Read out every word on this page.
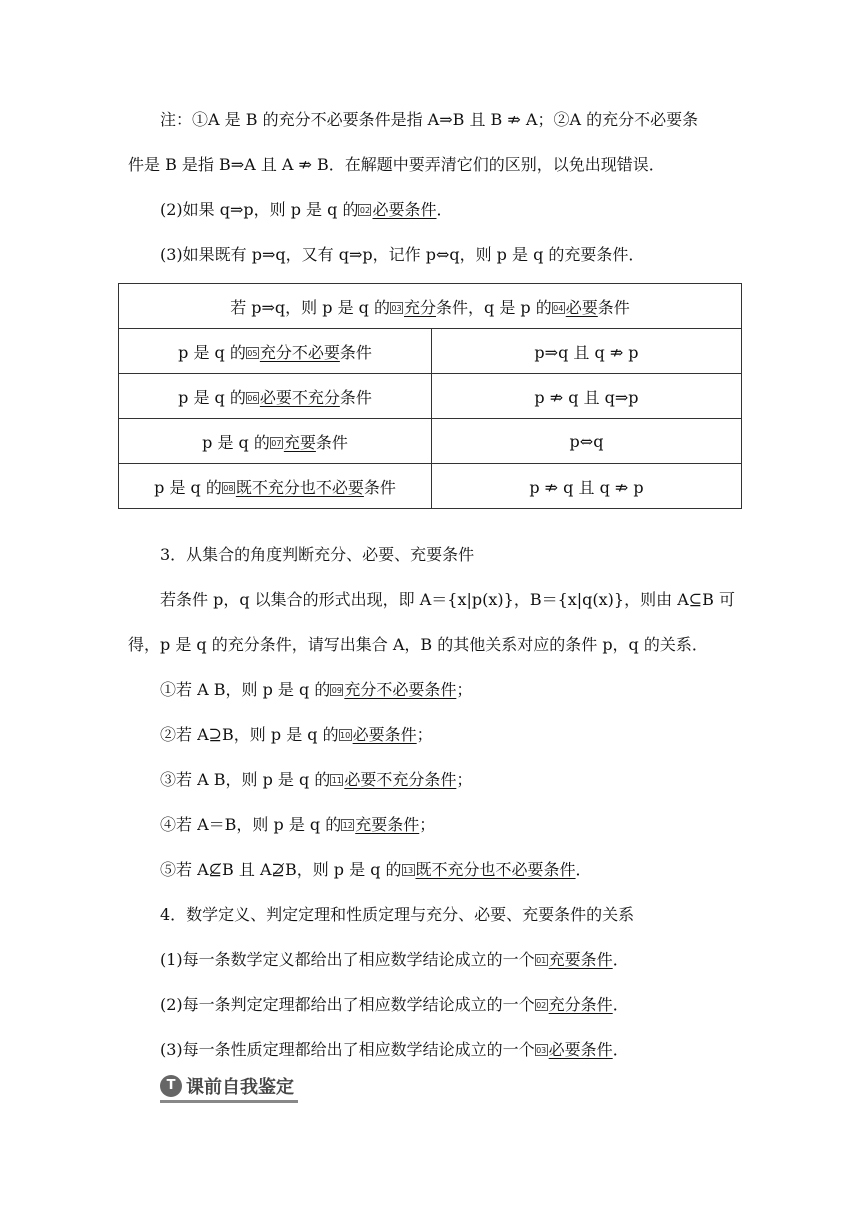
注：①A 是 B 的充分不必要条件是指 A⇒B 且 B ⇏ A；②A 的充分不必要条
件是 B 是指 B⇒A 且 A ⇏ B．在解题中要弄清它们的区别，以免出现错误．
(2)如果 q⇒p，则 p 是 q 的02 必要条件．
(3)如果既有 p⇒q，又有 q⇒p，记作 p⇔q，则 p 是 q 的充要条件．
若 p⇒q，则 p 是 q 的03 充分条件，q 是 p 的04 必要条件	
p 是 q 的05 充分不必要条件	p⇒q 且 q ⇏ p
p 是 q 的06 必要不充分条件	p ⇏ q 且 q⇒p
p 是 q 的07 充要条件	p⇔q
p 是 q 的08 既不充分也不必要条件	p ⇏ q 且 q ⇏ p
3．从集合的角度判断充分、必要、充要条件
若条件 p，q 以集合的形式出现，即 A＝{x|p(x)}，B＝{x|q(x)}，则由 A⊆B 可
得，p 是 q 的充分条件，请写出集合 A，B 的其他关系对应的条件 p，q 的关系．
①若 A B，则 p 是 q 的09 充分不必要条件；
②若 A⊇B，则 p 是 q 的10 必要条件；
③若 A B，则 p 是 q 的11 必要不充分条件；
④若 A＝B，则 p 是 q 的12 充要条件；
⑤若 A⊈B 且 A⊉B，则 p 是 q 的13 既不充分也不必要条件．
4．数学定义、判定定理和性质定理与充分、必要、充要条件的关系
(1)每一条数学定义都给出了相应数学结论成立的一个01 充要条件．
(2)每一条判定定理都给出了相应数学结论成立的一个02 充分条件．
(3)每一条性质定理都给出了相应数学结论成立的一个03 必要条件．
T 课前自我鉴定
